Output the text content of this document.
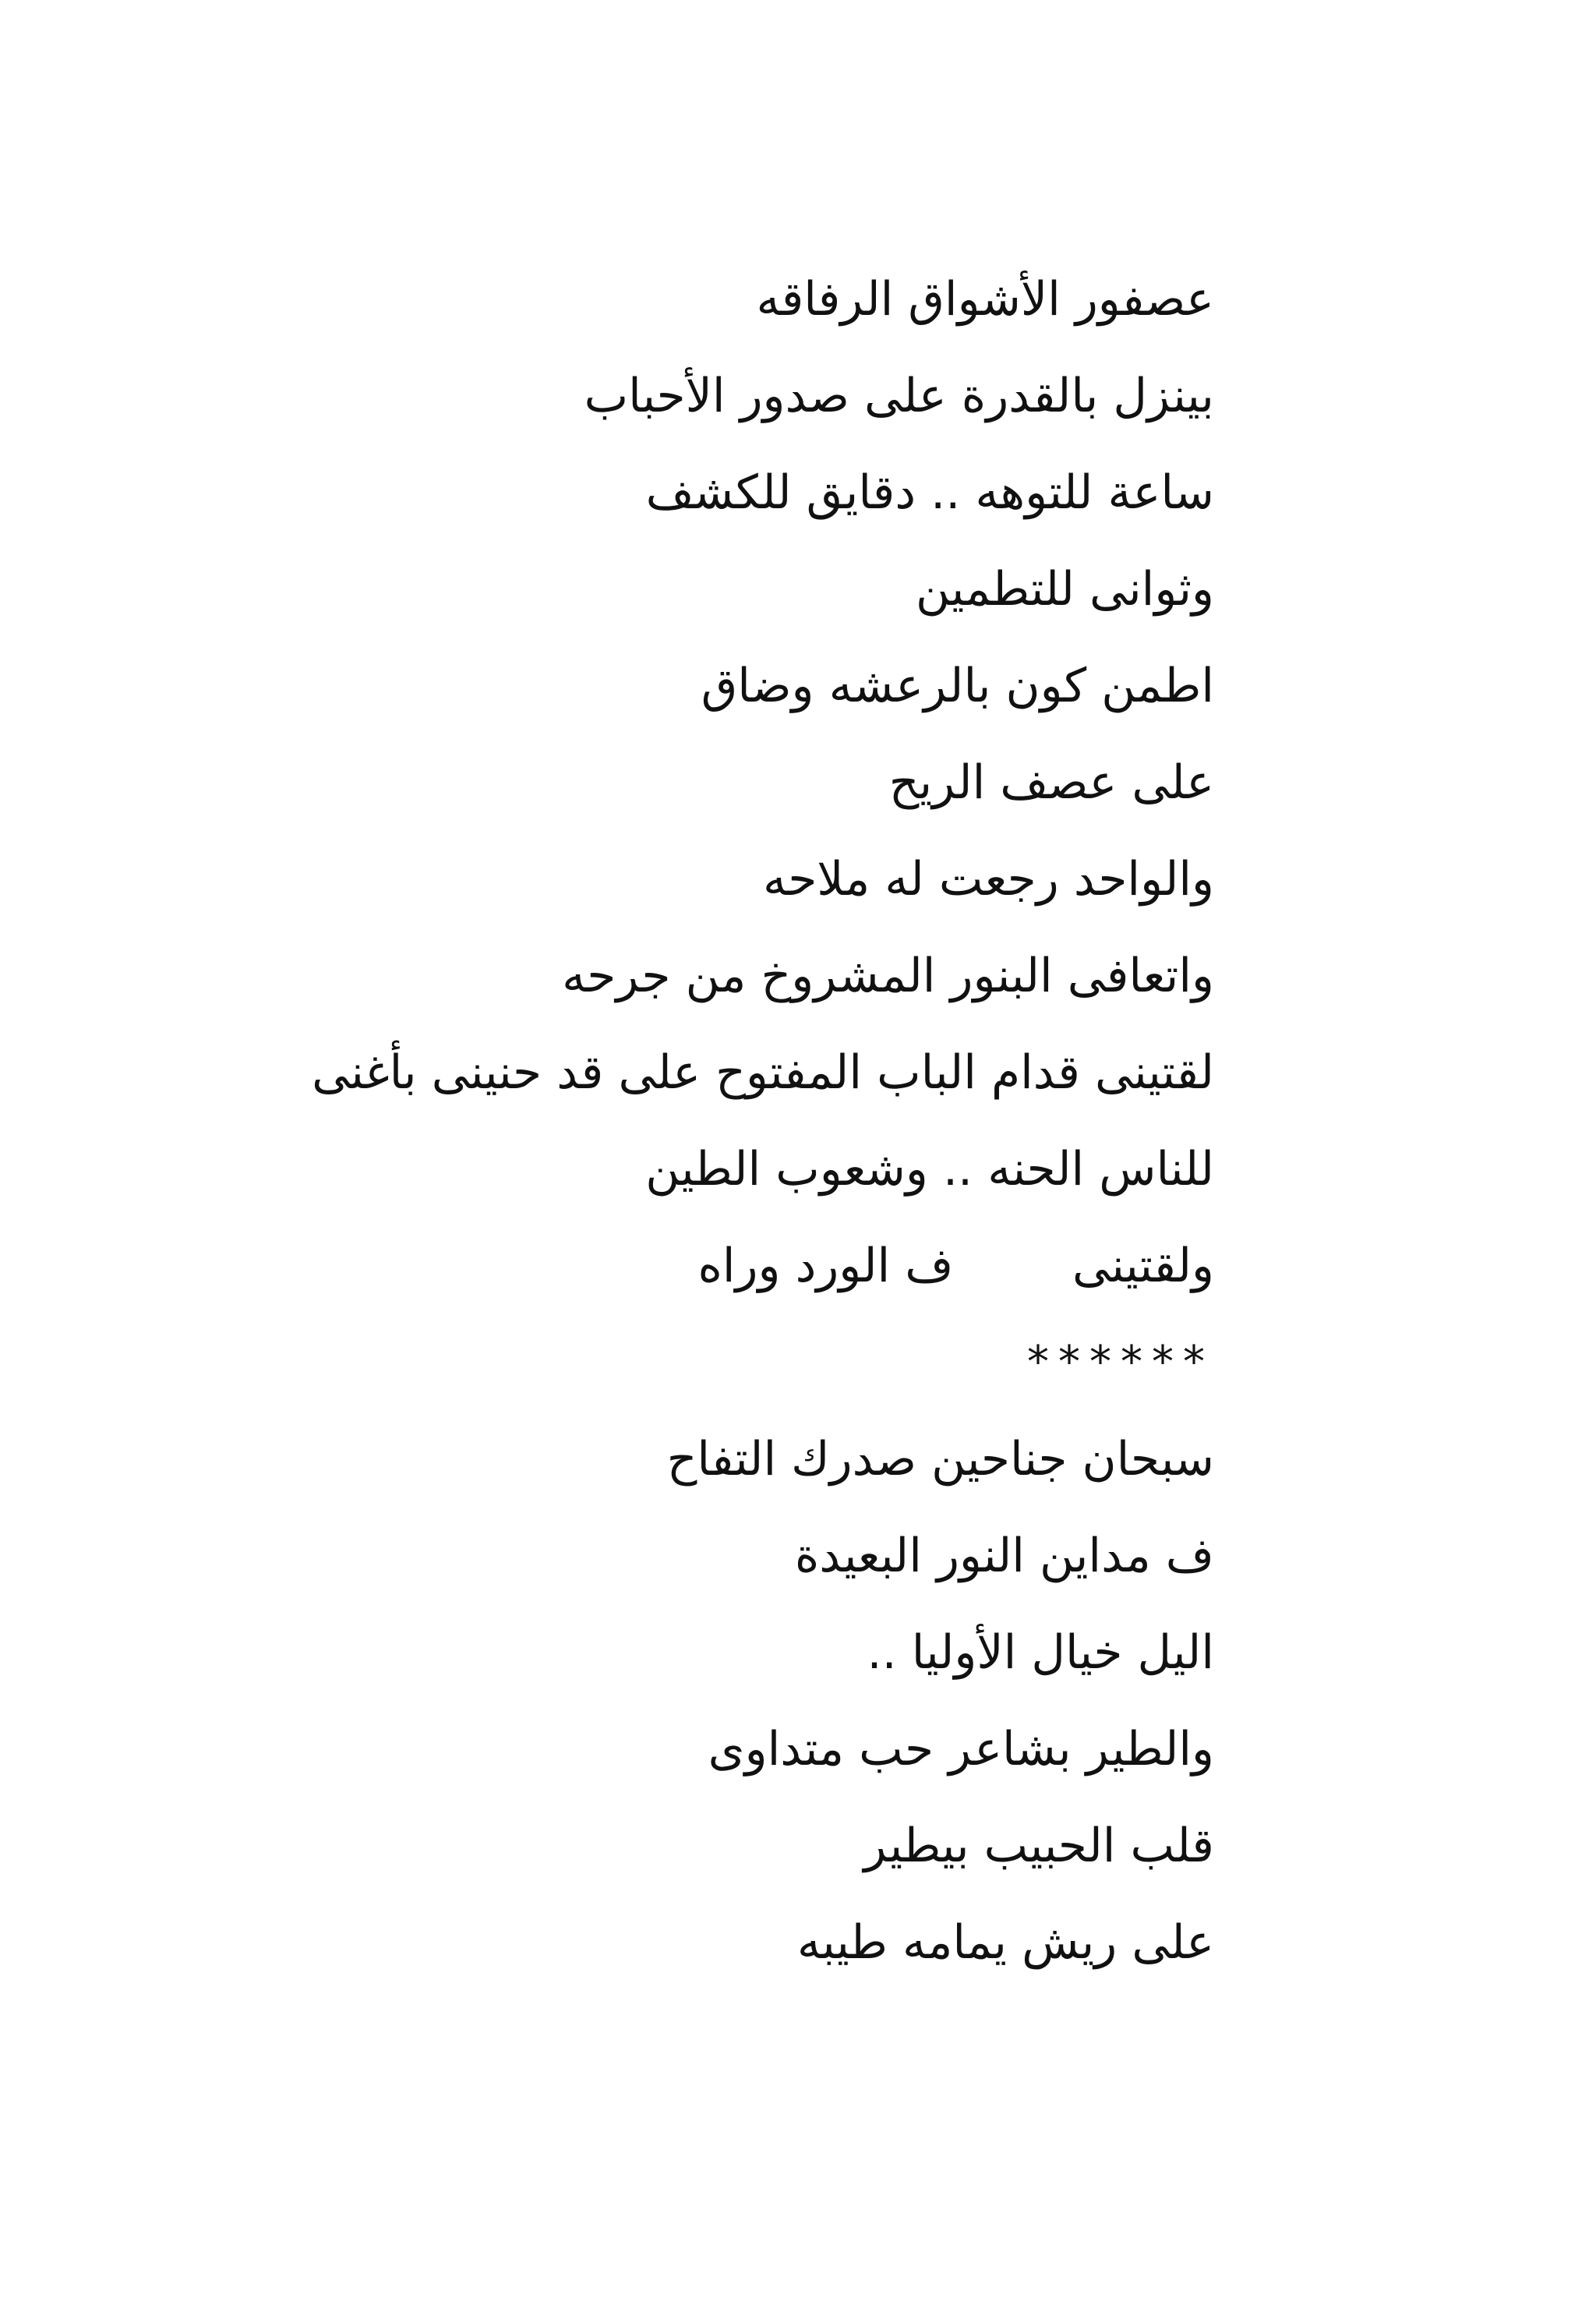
عصفور الأشواق الرفاقه
بينزل بالقدرة على صدور الأحباب
ساعة للتوهه .. دقايق للكشف
وثوانى للتطمين
اطمن كون بالرعشه وضاق
على عصف الريح
والواحد رجعت له ملاحه
واتعافى البنور المشروخ من جرحه
لقتينى قدام الباب المفتوح على قد حنينى بأغنى
للناس الحنه .. وشعوب الطين
ولقتينى        ف الورد وراه
******
سبحان جناحين صدرك التفاح
ف مداين النور البعيدة
اليل خيال الأوليا ..
والطير بشاعر حب متداوى
قلب الحبيب بيطير
على ريش يمامه طيبه
